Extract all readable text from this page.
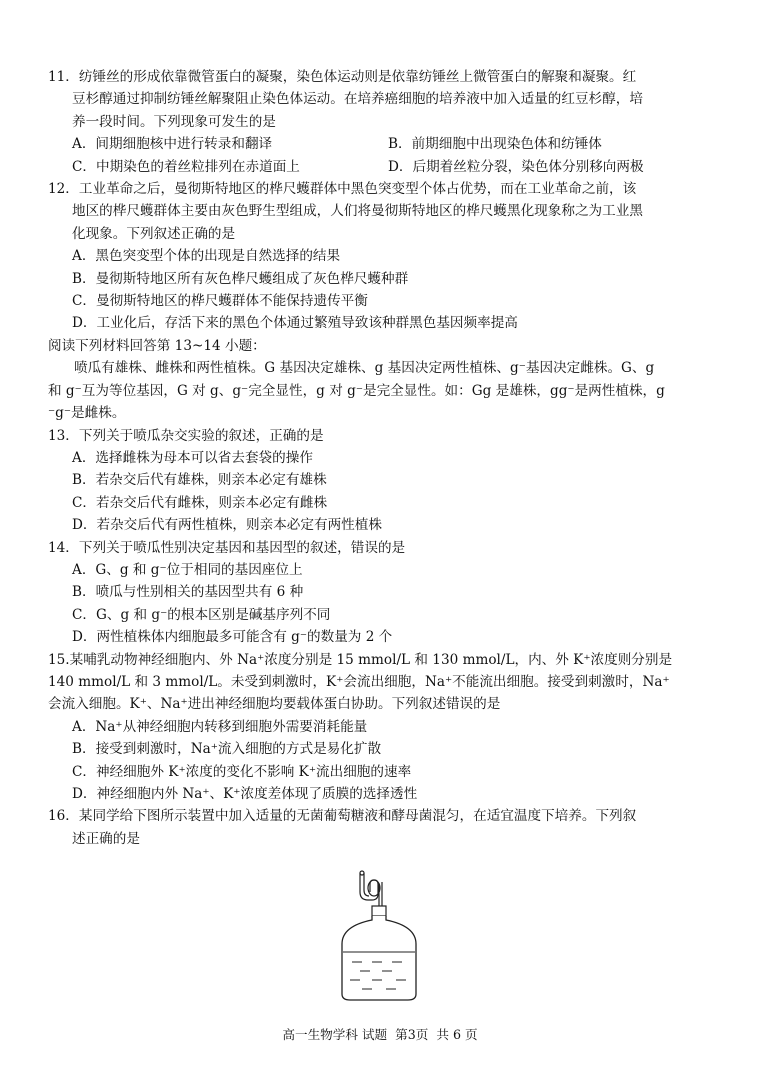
11．纺锤丝的形成依靠微管蛋白的凝聚，染色体运动则是依靠纺锤丝上微管蛋白的解聚和凝聚。红
豆杉醇通过抑制纺锤丝解聚阻止染色体运动。在培养癌细胞的培养液中加入适量的红豆杉醇，培
养一段时间。下列现象可发生的是
A．间期细胞核中进行转录和翻译	B．前期细胞中出现染色体和纺锤体
C．中期染色的着丝粒排列在赤道面上	D．后期着丝粒分裂，染色体分别移向两极
12．工业革命之后，曼彻斯特地区的桦尺蠖群体中黑色突变型个体占优势，而在工业革命之前，该
地区的桦尺蠖群体主要由灰色野生型组成，人们将曼彻斯特地区的桦尺蠖黑化现象称之为工业黑
化现象。下列叙述正确的是
A．黑色突变型个体的出现是自然选择的结果
B．曼彻斯特地区所有灰色桦尺蠖组成了灰色桦尺蠖种群
C．曼彻斯特地区的桦尺蠖群体不能保持遗传平衡
D．工业化后，存活下来的黑色个体通过繁殖导致该种群黑色基因频率提高
阅读下列材料回答第 13~14 小题：
喷瓜有雄株、雌株和两性植株。G 基因决定雄株、g 基因决定两性植株、g⁻基因决定雌株。G、g
和 g⁻互为等位基因，G 对 g、g⁻完全显性，g 对 g⁻是完全显性。如：Gg 是雄株，gg⁻是两性植株，g
⁻g⁻是雌株。
13．下列关于喷瓜杂交实验的叙述，正确的是
A．选择雌株为母本可以省去套袋的操作
B．若杂交后代有雄株，则亲本必定有雄株
C．若杂交后代有雌株，则亲本必定有雌株
D．若杂交后代有两性植株，则亲本必定有两性植株
14．下列关于喷瓜性别决定基因和基因型的叙述，错误的是
A．G、g 和 g⁻位于相同的基因座位上
B．喷瓜与性别相关的基因型共有 6 种
C．G、g 和 g⁻的根本区别是碱基序列不同
D．两性植株体内细胞最多可能含有 g⁻的数量为 2 个
15.某哺乳动物神经细胞内、外 Na⁺浓度分别是 15 mmol/L 和 130 mmol/L，内、外 K⁺浓度则分别是
140 mmol/L 和 3 mmol/L。未受到刺激时，K⁺会流出细胞，Na⁺不能流出细胞。接受到刺激时，Na⁺
会流入细胞。K⁺、Na⁺进出神经细胞均要载体蛋白协助。下列叙述错误的是
A．Na⁺从神经细胞内转移到细胞外需要消耗能量
B．接受到刺激时，Na⁺流入细胞的方式是易化扩散
C．神经细胞外 K⁺浓度的变化不影响 K⁺流出细胞的速率
D．神经细胞内外 Na⁺、K⁺浓度差体现了质膜的选择透性
16．某同学给下图所示装置中加入适量的无菌葡萄糖液和酵母菌混匀，在适宜温度下培养。下列叙
述正确的是
高一生物学科 试题 第3页 共 6 页
